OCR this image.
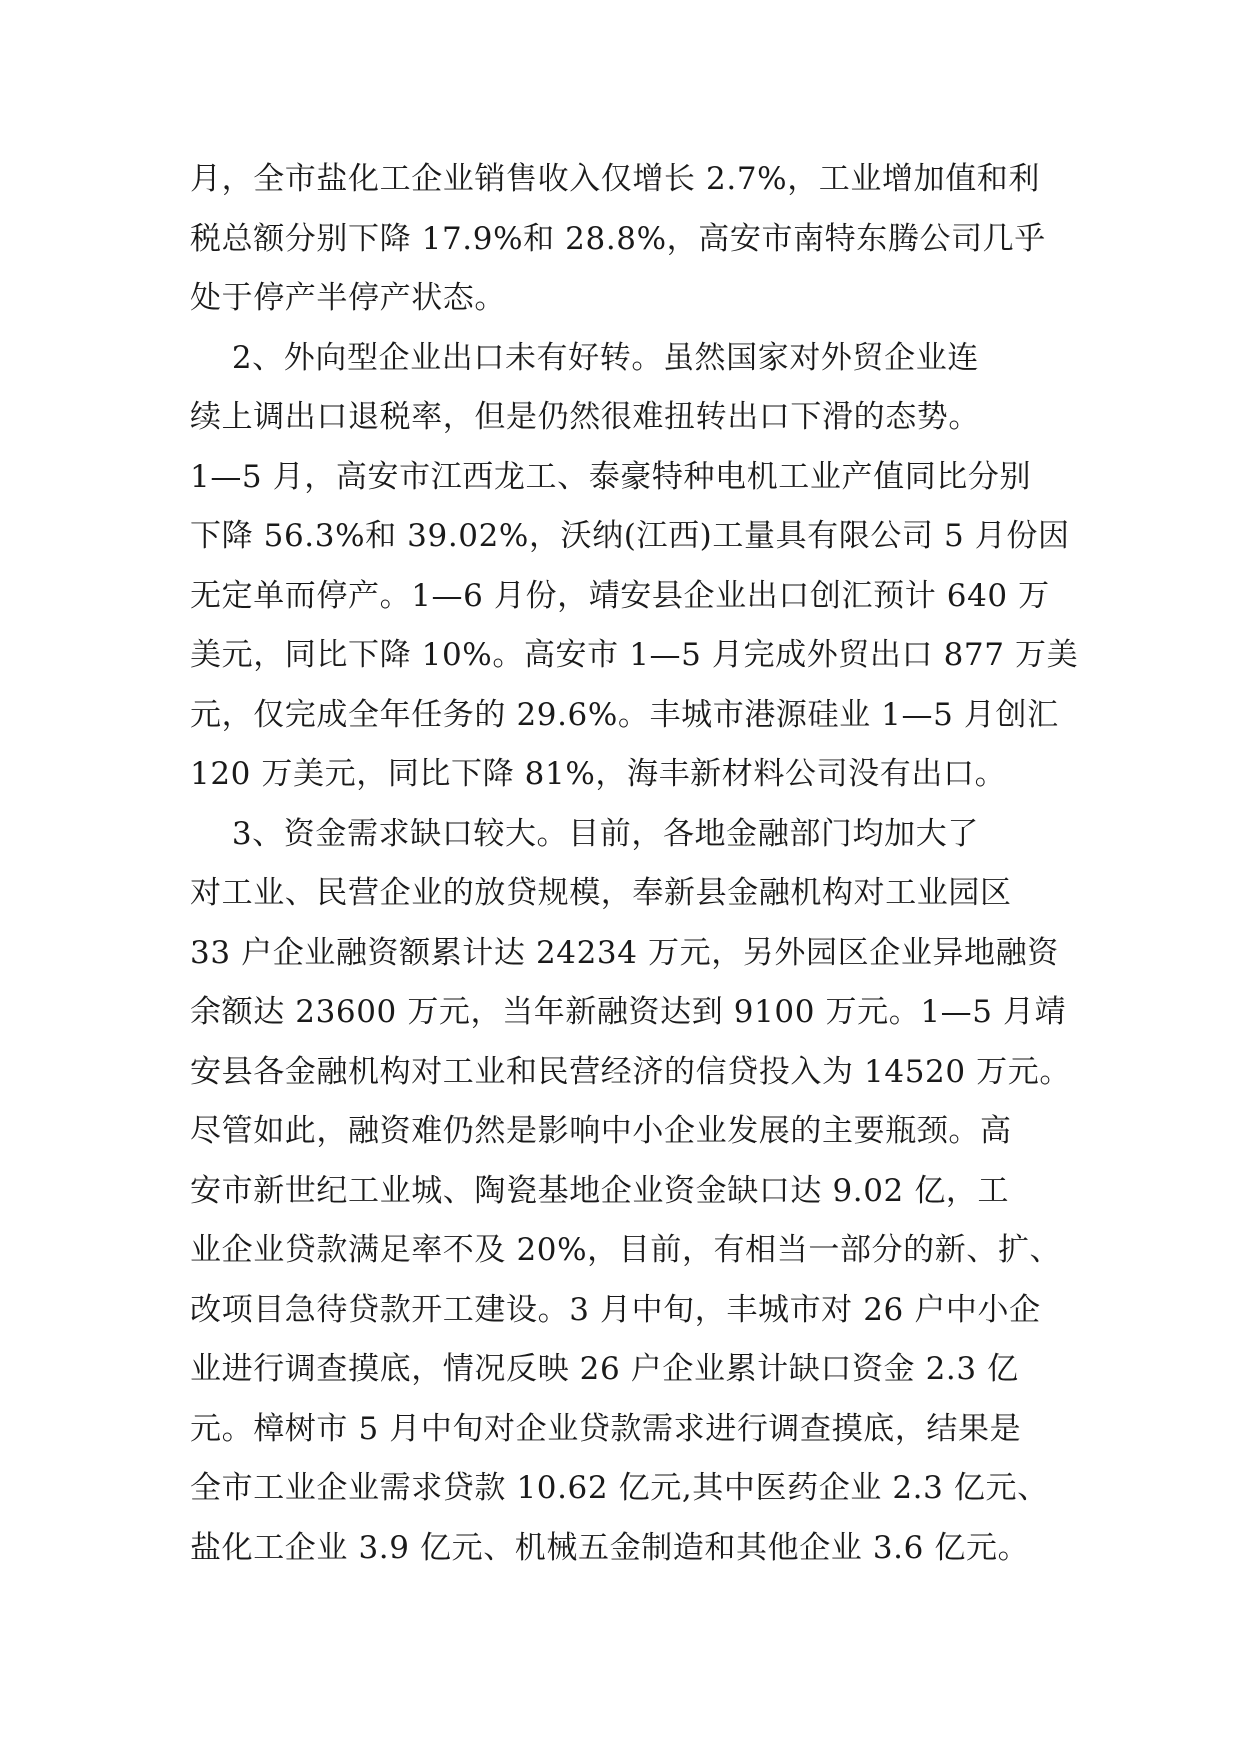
月，全市盐化工企业销售收入仅增长 2.7%，工业增加值和利
税总额分别下降 17.9%和 28.8%，高安市南特东腾公司几乎
处于停产半停产状态。
2、外向型企业出口未有好转。虽然国家对外贸企业连
续上调出口退税率，但是仍然很难扭转出口下滑的态势。
1—5 月，高安市江西龙工、泰豪特种电机工业产值同比分别
下降 56.3%和 39.02%，沃纳(江西)工量具有限公司 5 月份因
无定单而停产。1—6 月份，靖安县企业出口创汇预计 640 万
美元，同比下降 10%。高安市 1—5 月完成外贸出口 877 万美
元，仅完成全年任务的 29.6%。丰城市港源硅业 1—5 月创汇
120 万美元，同比下降 81%，海丰新材料公司没有出口。
3、资金需求缺口较大。目前，各地金融部门均加大了
对工业、民营企业的放贷规模，奉新县金融机构对工业园区
33 户企业融资额累计达 24234 万元，另外园区企业异地融资
余额达 23600 万元，当年新融资达到 9100 万元。1—5 月靖
安县各金融机构对工业和民营经济的信贷投入为 14520 万元。
尽管如此，融资难仍然是影响中小企业发展的主要瓶颈。高
安市新世纪工业城、陶瓷基地企业资金缺口达 9.02 亿，工
业企业贷款满足率不及 20%，目前，有相当一部分的新、扩、
改项目急待贷款开工建设。3 月中旬，丰城市对 26 户中小企
业进行调查摸底，情况反映 26 户企业累计缺口资金 2.3 亿
元。樟树市 5 月中旬对企业贷款需求进行调查摸底，结果是
全市工业企业需求贷款 10.62 亿元,其中医药企业 2.3 亿元、
盐化工企业 3.9 亿元、机械五金制造和其他企业 3.6 亿元。
